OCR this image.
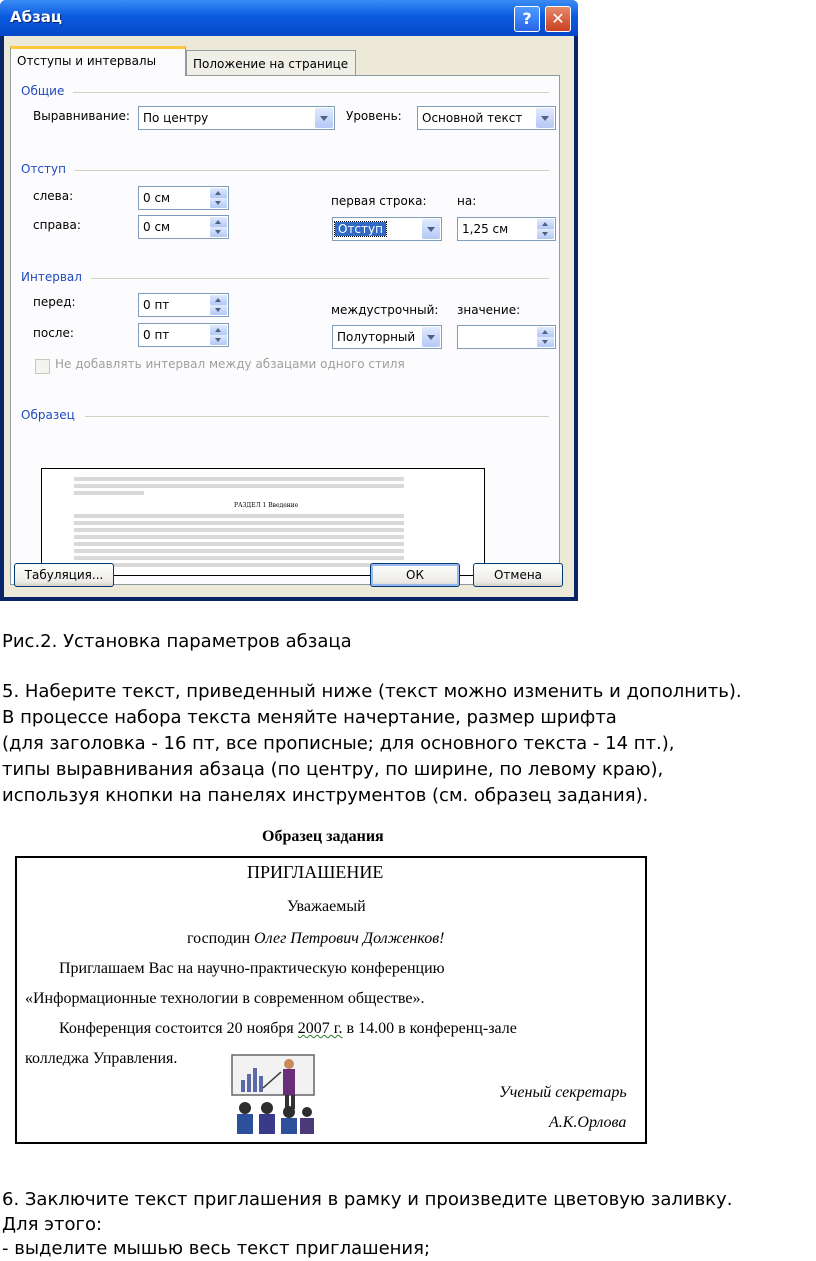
Абзац	?	✕
Отступы и интервалы	Положение на странице
Общие
Выравнивание:	По центру	Уровень:	Основной текст
Отступ
слева:	0 см
справа:	0 см
первая строка:
Отступ
на:
1,25 см
Интервал
перед:	0 пт
после:	0 пт
междустрочный:
Полуторный
значение:
Не добавлять интервал между абзацами одного стиля
Образец
РАЗДЕЛ 1 Введение
Табуляция...	ОК	Отмена
Рис.2. Установка параметров абзаца
5. Наберите текст, приведенный ниже (текст можно изменить и дополнить).
В процессе набора текста меняйте начертание, размер шрифта
(для заголовка - 16 пт, все прописные; для основного текста - 14 пт.),
типы выравнивания абзаца (по центру, по ширине, по левому краю),
используя кнопки на панелях инструментов (см. образец задания).
Образец задания
ПРИГЛАШЕНИЕ
Уважаемый
господин Олег Петрович Долженков!
Приглашаем Вас на научно-практическую конференцию
«Информационные технологии в современном обществе».
Конференция состоится 20 ноября 2007 г. в 14.00 в конференц-зале
колледжа Управления.
Ученый секретарь
А.К.Орлова
6. Заключите текст приглашения в рамку и произведите цветовую заливку.
Для этого:
- выделите мышью весь текст приглашения;
